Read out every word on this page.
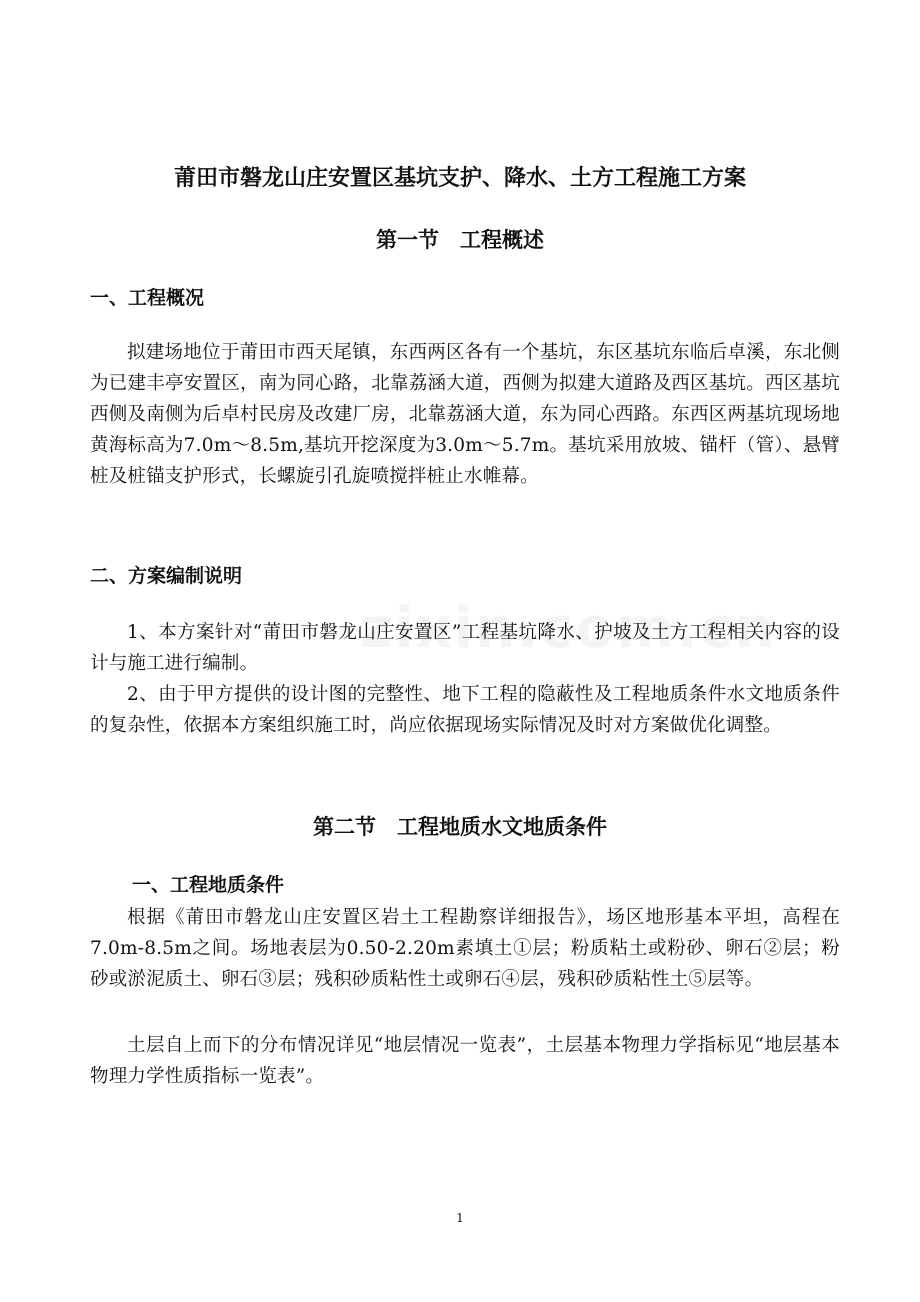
莆田市磐龙山庄安置区基坑支护、降水、土方工程施工方案
第一节　工程概述
一、工程概况
拟建场地位于莆田市西天尾镇，东西两区各有一个基坑，东区基坑东临后卓溪，东北侧为已建丰亭安置区，南为同心路，北靠荔涵大道，西侧为拟建大道路及西区基坑。西区基坑西侧及南侧为后卓村民房及改建厂房，北靠荔涵大道，东为同心西路。东西区两基坑现场地黄海标高为7.0m～8.5m,基坑开挖深度为3.0m～5.7m。基坑采用放坡、锚杆（管）、悬臂桩及桩锚支护形式，长螺旋引孔旋喷搅拌桩止水帷幕。
二、方案编制说明
1、本方案针对“莆田市磐龙山庄安置区”工程基坑降水、护坡及土方工程相关内容的设计与施工进行编制。
2、由于甲方提供的设计图的完整性、地下工程的隐蔽性及工程地质条件水文地质条件的复杂性，依据本方案组织施工时，尚应依据现场实际情况及时对方案做优化调整。
第二节　工程地质水文地质条件
一、工程地质条件
根据《莆田市磐龙山庄安置区岩土工程勘察详细报告》，场区地形基本平坦，高程在7.0m-8.5m之间。场地表层为0.50-2.20m素填土①层；粉质粘土或粉砂、卵石②层；粉砂或淤泥质土、卵石③层；残积砂质粘性土或卵石④层，残积砂质粘性土⑤层等。
土层自上而下的分布情况详见“地层情况一览表”，土层基本物理力学指标见“地层基本物理力学性质指标一览表”。
1
